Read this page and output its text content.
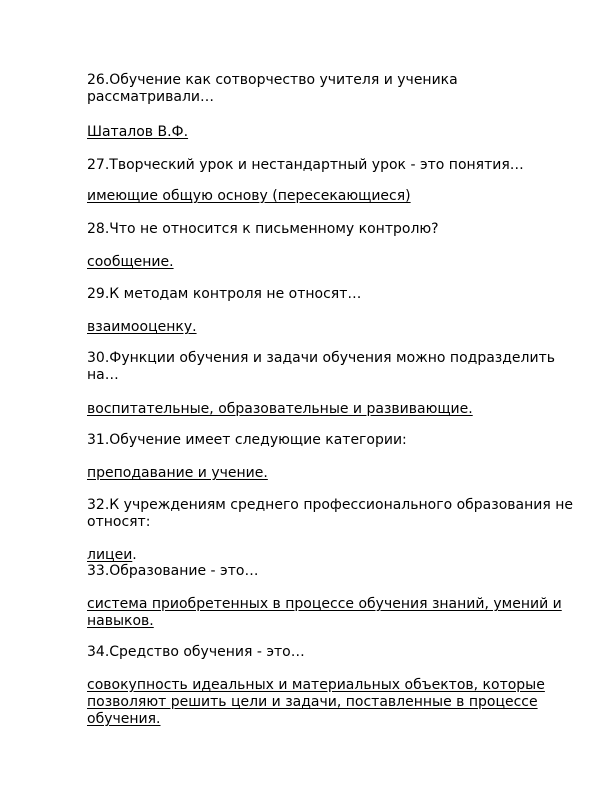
26.Обучение как сотворчество учителя и ученика рассматривали…
Шаталов В.Ф.
27.Творческий урок и нестандартный урок - это понятия…
имеющие общую основу (пересекающиеся)
28.Что не относится к письменному контролю?
сообщение.
29.К методам контроля не относят…
взаимооценку.
30.Функции обучения и задачи обучения можно подразделить на…
воспитательные, образовательные и развивающие.
31.Обучение имеет следующие категории:
преподавание и учение.
32.К учреждениям среднего профессионального образования не относят:
лицеи.
33.Образование - это…
система приобретенных в процессе обучения знаний, умений и навыков.
34.Средство обучения - это…
совокупность идеальных и материальных объектов, которые позволяют решить цели и задачи, поставленные в процессе обучения.
